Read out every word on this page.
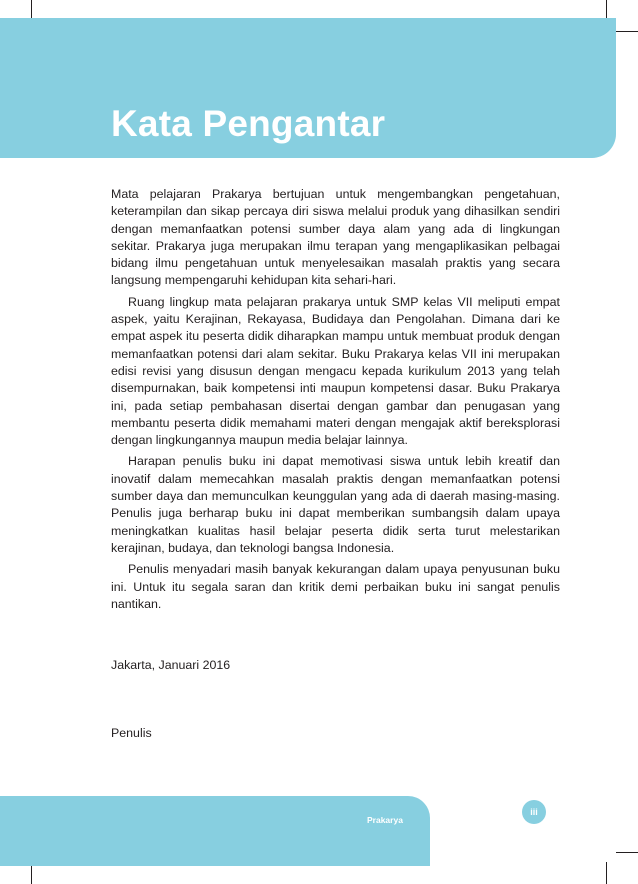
Kata Pengantar

Mata pelajaran Prakarya bertujuan untuk mengembangkan pengetahuan, keterampilan dan sikap percaya diri siswa melalui produk yang dihasilkan sendiri dengan memanfaatkan potensi sumber daya alam yang ada di lingkungan sekitar. Prakarya juga merupakan ilmu terapan yang mengaplikasikan pelbagai bidang ilmu pengetahuan untuk menyelesaikan masalah praktis yang secara langsung mempengaruhi kehidupan kita sehari-hari.

Ruang lingkup mata pelajaran prakarya untuk SMP kelas VII meliputi empat aspek, yaitu Kerajinan, Rekayasa, Budidaya dan Pengolahan. Dimana dari ke empat aspek itu peserta didik diharapkan mampu untuk membuat produk dengan memanfaatkan potensi dari alam sekitar. Buku Prakarya kelas VII ini merupakan edisi revisi yang disusun dengan mengacu kepada kurikulum 2013 yang telah disempurnakan, baik kompetensi inti maupun kompetensi dasar. Buku Prakarya ini, pada setiap pembahasan disertai dengan gambar dan penugasan yang membantu peserta didik memahami materi dengan mengajak aktif bereksplorasi dengan lingkungannya maupun media belajar lainnya.

Harapan penulis buku ini dapat memotivasi siswa untuk lebih kreatif dan inovatif dalam memecahkan masalah praktis dengan memanfaatkan potensi sumber daya dan memunculkan keunggulan yang ada di daerah masing-masing. Penulis juga berharap buku ini dapat memberikan sumbangsih dalam upaya meningkatkan kualitas hasil belajar peserta didik serta turut melestarikan kerajinan, budaya, dan teknologi bangsa Indonesia.

Penulis menyadari masih banyak kekurangan dalam upaya penyusunan buku ini. Untuk itu segala saran dan kritik demi perbaikan buku ini sangat penulis nantikan.

Jakarta, Januari 2016

Penulis

Prakarya

iii
